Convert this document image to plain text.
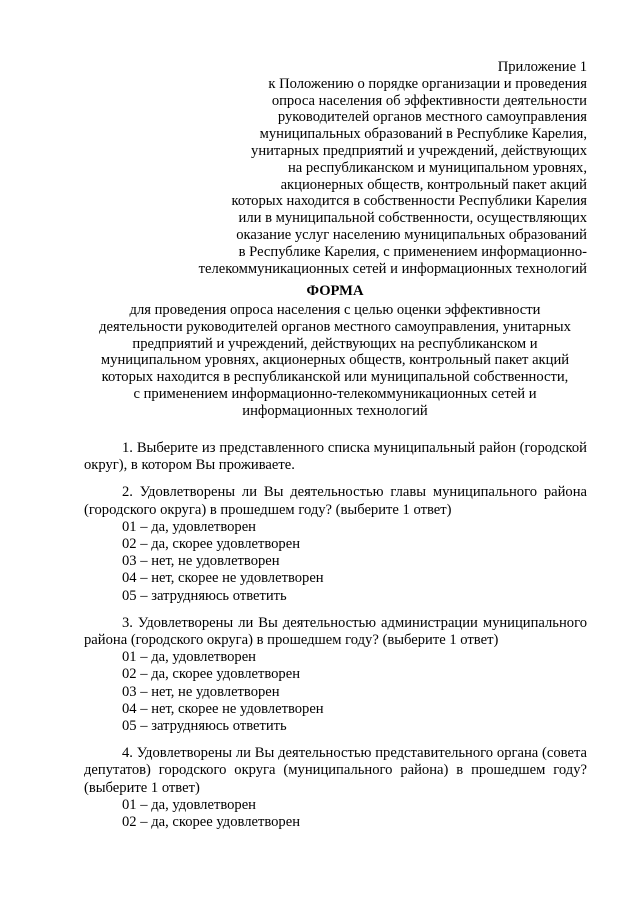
Приложение 1
к Положению о порядке организации и проведения
опроса населения об эффективности деятельности
руководителей органов местного самоуправления
муниципальных образований в Республике Карелия,
унитарных предприятий и учреждений, действующих
на республиканском и муниципальном уровнях,
акционерных обществ, контрольный пакет акций
которых находится в собственности Республики Карелия
или в муниципальной собственности, осуществляющих
оказание услуг населению муниципальных образований
в Республике Карелия, с применением информационно-
телекоммуникационных сетей и информационных технологий
ФОРМА
для проведения опроса населения с целью оценки эффективности
деятельности руководителей органов местного самоуправления, унитарных
предприятий и учреждений, действующих на республиканском и
муниципальном уровнях, акционерных обществ, контрольный пакет акций
которых находится в республиканской или муниципальной собственности,
с применением информационно-телекоммуникационных сетей и
информационных технологий

1. Выберите из представленного списка муниципальный район (городской округ), в котором Вы проживаете.

2. Удовлетворены ли Вы деятельностью главы муниципального района (городского округа) в прошедшем году? (выберите 1 ответ)

01 – да, удовлетворен
02 – да, скорее удовлетворен
03 – нет, не удовлетворен
04 – нет, скорее не удовлетворен
05 – затрудняюсь ответить

3. Удовлетворены ли Вы деятельностью администрации муниципального района (городского округа) в прошедшем году? (выберите 1 ответ)

01 – да, удовлетворен
02 – да, скорее удовлетворен
03 – нет, не удовлетворен
04 – нет, скорее не удовлетворен
05 – затрудняюсь ответить

4. Удовлетворены ли Вы деятельностью представительного органа (совета депутатов) городского округа (муниципального района) в прошедшем году? (выберите 1 ответ)

01 – да, удовлетворен
02 – да, скорее удовлетворен
